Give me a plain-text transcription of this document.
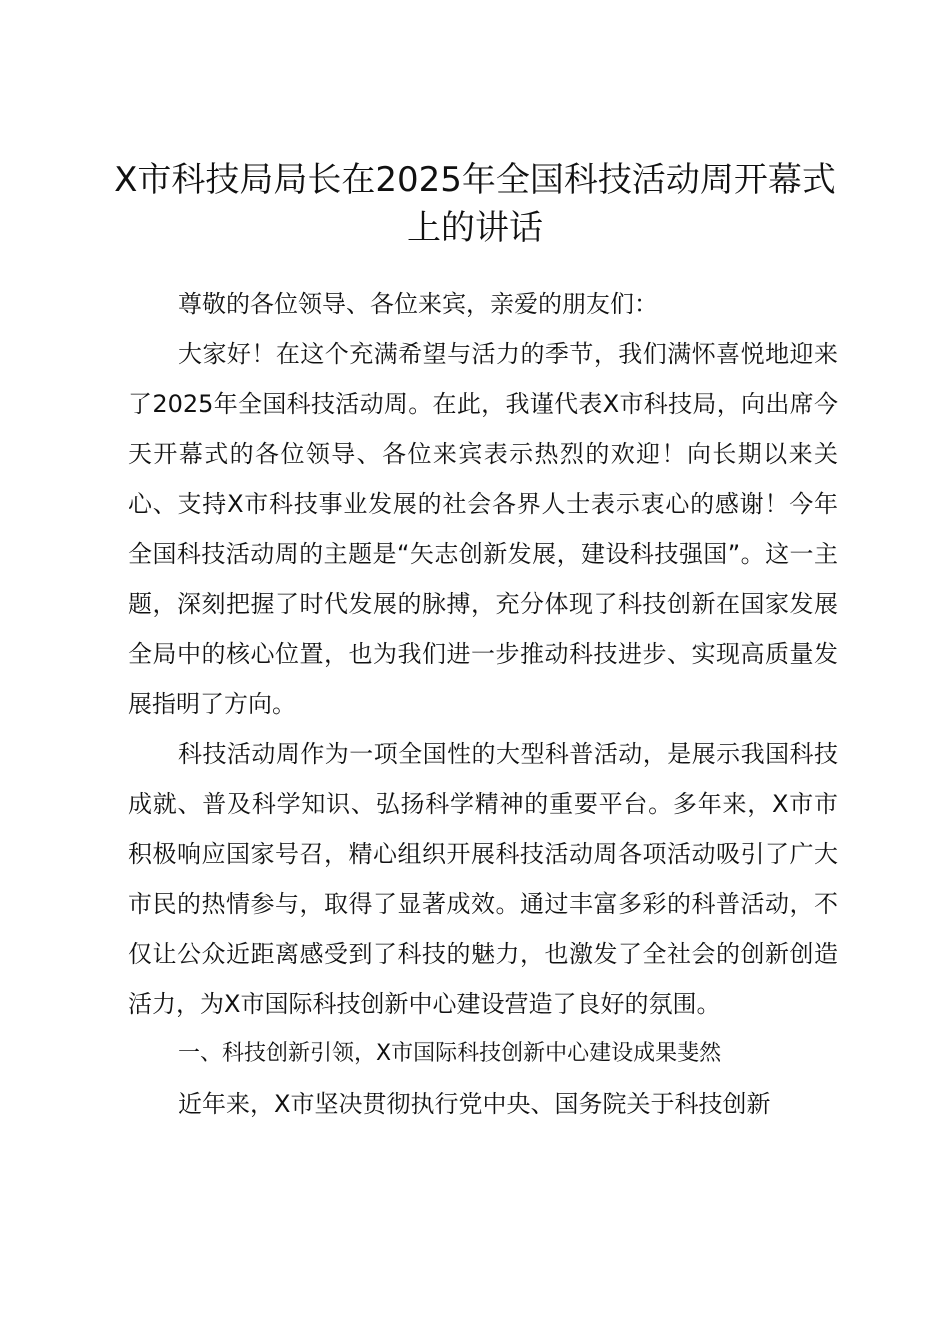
X市科技局局长在2025年全国科技活动周开幕式上的讲话

尊敬的各位领导、各位来宾，亲爱的朋友们：

大家好！在这个充满希望与活力的季节，我们满怀喜悦地迎来了2025年全国科技活动周。在此，我谨代表X市科技局，向出席今天开幕式的各位领导、各位来宾表示热烈的欢迎！向长期以来关心、支持X市科技事业发展的社会各界人士表示衷心的感谢！今年全国科技活动周的主题是“矢志创新发展，建设科技强国”。这一主题，深刻把握了时代发展的脉搏，充分体现了科技创新在国家发展全局中的核心位置，也为我们进一步推动科技进步、实现高质量发展指明了方向。

科技活动周作为一项全国性的大型科普活动，是展示我国科技成就、普及科学知识、弘扬科学精神的重要平台。多年来，X市市积极响应国家号召，精心组织开展科技活动周各项活动吸引了广大市民的热情参与，取得了显著成效。通过丰富多彩的科普活动，不仅让公众近距离感受到了科技的魅力，也激发了全社会的创新创造活力，为X市国际科技创新中心建设营造了良好的氛围。

一、科技创新引领，X市国际科技创新中心建设成果斐然

近年来，X市坚决贯彻执行党中央、国务院关于科技创新
